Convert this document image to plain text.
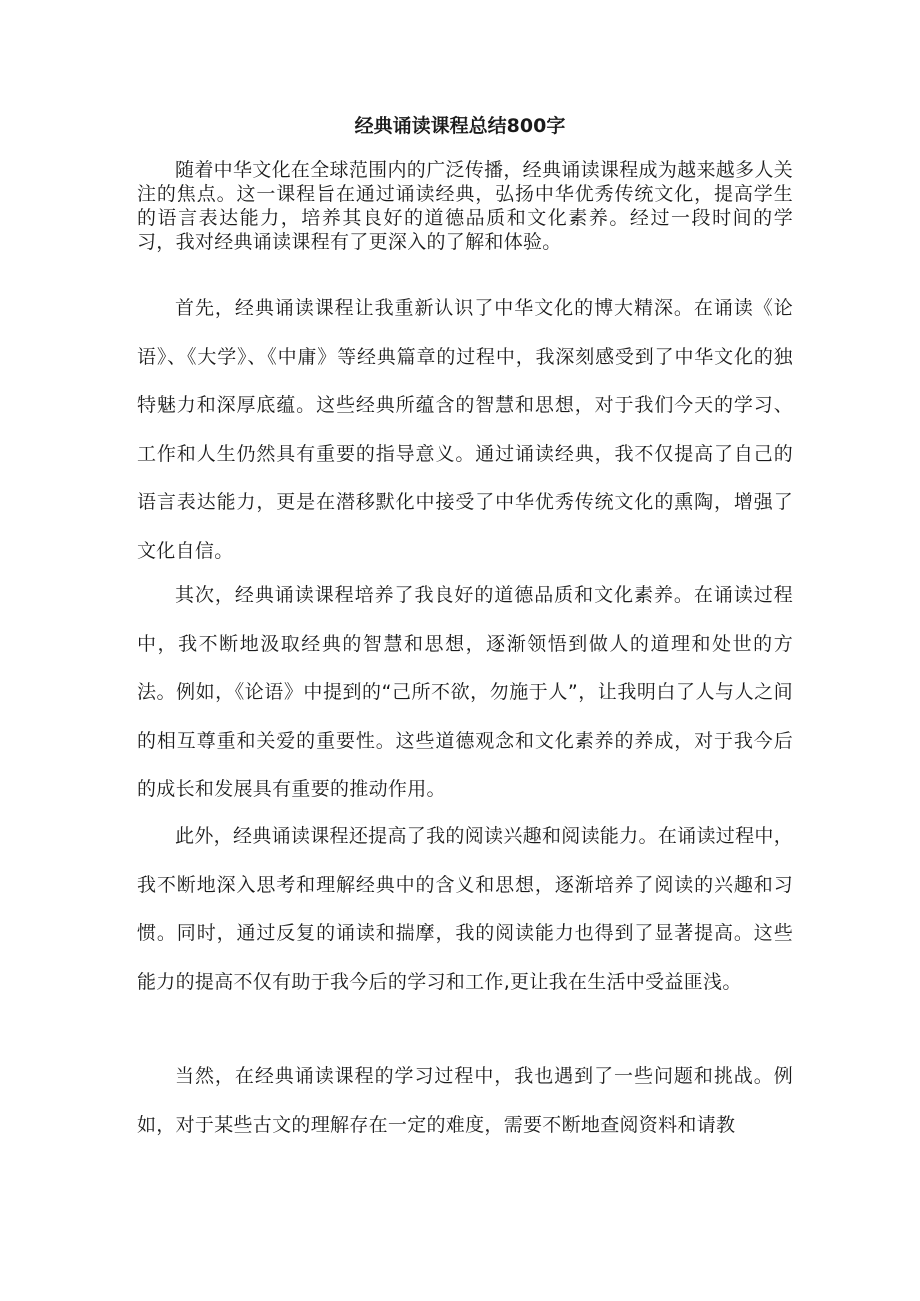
经典诵读课程总结800字

随着中华文化在全球范围内的广泛传播，经典诵读课程成为越来越多人关注的焦点。这一课程旨在通过诵读经典，弘扬中华优秀传统文化，提高学生的语言表达能力，培养其良好的道德品质和文化素养。经过一段时间的学习，我对经典诵读课程有了更深入的了解和体验。

首先，经典诵读课程让我重新认识了中华文化的博大精深。在诵读《论语》、《大学》、《中庸》等经典篇章的过程中，我深刻感受到了中华文化的独特魅力和深厚底蕴。这些经典所蕴含的智慧和思想，对于我们今天的学习、工作和人生仍然具有重要的指导意义。通过诵读经典，我不仅提高了自己的语言表达能力，更是在潜移默化中接受了中华优秀传统文化的熏陶，增强了文化自信。

其次，经典诵读课程培养了我良好的道德品质和文化素养。在诵读过程中，我不断地汲取经典的智慧和思想，逐渐领悟到做人的道理和处世的方法。例如，《论语》中提到的“己所不欲，勿施于人”，让我明白了人与人之间的相互尊重和关爱的重要性。这些道德观念和文化素养的养成，对于我今后的成长和发展具有重要的推动作用。

此外，经典诵读课程还提高了我的阅读兴趣和阅读能力。在诵读过程中，我不断地深入思考和理解经典中的含义和思想，逐渐培养了阅读的兴趣和习惯。同时，通过反复的诵读和揣摩，我的阅读能力也得到了显著提高。这些能力的提高不仅有助于我今后的学习和工作,更让我在生活中受益匪浅。

当然，在经典诵读课程的学习过程中，我也遇到了一些问题和挑战。例如，对于某些古文的理解存在一定的难度，需要不断地查阅资料和请教
